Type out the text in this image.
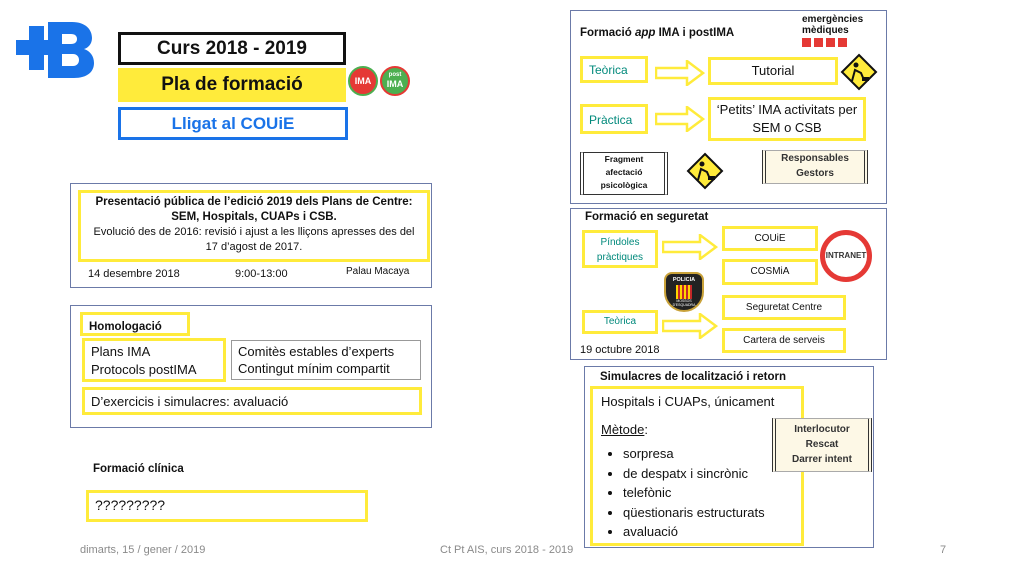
Curs 2018 - 2019
Pla de formació
Lligat al COUiE
IMA
post
IMA
Presentació pública de l’edició 2019 dels Plans de Centre: SEM, Hospitals, CUAPs i CSB.
Evolució des de 2016: revisió i ajust a les lliçons apresses des del 17 d’agost de 2017.
14 desembre 2018	9:00-13:00	Palau Macaya
Homologació
Plans IMA
Protocols postIMA
Comitès estables d’experts
Contingut mínim compartit
D’exercicis i simulacres: avaluació
Formació clínica
?????????
Formació app IMA i postIMA
emergències
mèdiques
Teòrica	Tutorial
Pràctica
‘Petits’ IMA activitats per SEM o CSB
Fragment
afectació
psicològica
Responsables
Gestors
Formació en seguretat
Píndoles
pràctiques
COUiE
COSMiA
Seguretat Centre
Teòrica
Cartera de serveis
19 octubre 2018
POLICIA
MOSSOS D'ESQUADRA
INTRANET
Simulacres de localització i retorn
Hospitals i CUAPs, únicament
Mètode:
• sorpresa
• de despatx i sincrònic
• telefònic
• qüestionaris estructurats
• avaluació
Interlocutor
Rescat
Darrer intent
dimarts, 15 / gener / 2019	Ct Pt AIS, curs 2018 - 2019	7
